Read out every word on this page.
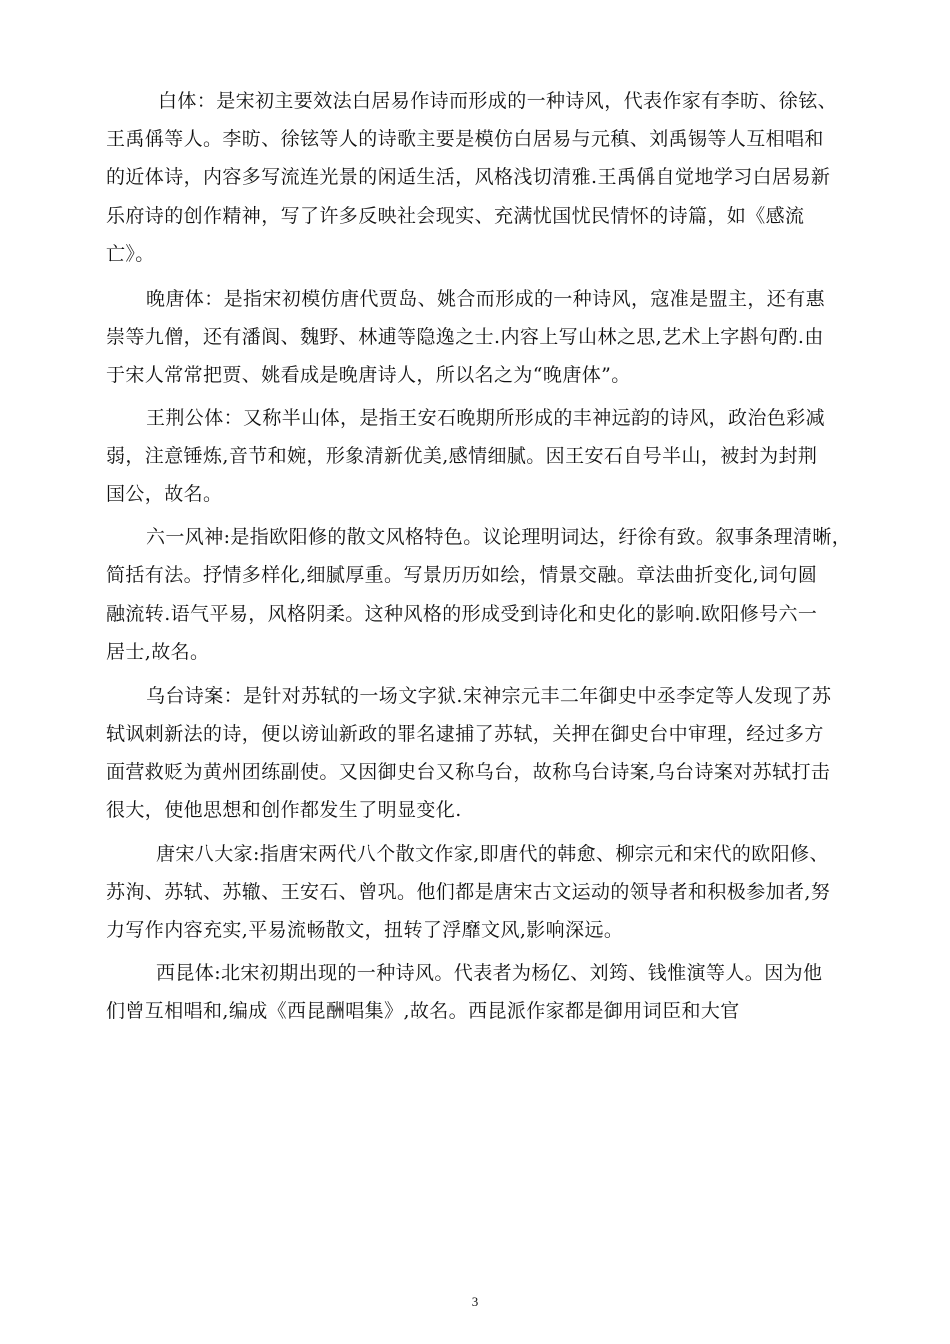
白体：是宋初主要效法白居易作诗而形成的一种诗风，代表作家有李昉、徐铉、
王禹偁等人。李昉、徐铉等人的诗歌主要是模仿白居易与元稹、刘禹锡等人互相唱和
的近体诗，内容多写流连光景的闲适生活，风格浅切清雅.王禹偁自觉地学习白居易新
乐府诗的创作精神，写了许多反映社会现实、充满忧国忧民情怀的诗篇，如《感流
亡》。
晚唐体：是指宋初模仿唐代贾岛、姚合而形成的一种诗风，寇准是盟主，还有惠
崇等九僧，还有潘阆、魏野、林逋等隐逸之士.内容上写山林之思,艺术上字斟句酌.由
于宋人常常把贾、姚看成是晚唐诗人，所以名之为“晚唐体”。
王荆公体：又称半山体，是指王安石晚期所形成的丰神远韵的诗风，政治色彩减
弱，注意锤炼,音节和婉，形象清新优美,感情细腻。因王安石自号半山，被封为封荆
国公，故名。
六一风神:是指欧阳修的散文风格特色。议论理明词达，纡徐有致。叙事条理清晰，
简括有法。抒情多样化,细腻厚重。写景历历如绘，情景交融。章法曲折变化,词句圆
融流转.语气平易，风格阴柔。这种风格的形成受到诗化和史化的影响.欧阳修号六一
居士,故名。
乌台诗案：是针对苏轼的一场文字狱.宋神宗元丰二年御史中丞李定等人发现了苏
轼讽刺新法的诗，便以谤讪新政的罪名逮捕了苏轼，关押在御史台中审理，经过多方
面营救贬为黄州团练副使。又因御史台又称乌台，故称乌台诗案,乌台诗案对苏轼打击
很大，使他思想和创作都发生了明显变化.
唐宋八大家:指唐宋两代八个散文作家,即唐代的韩愈、柳宗元和宋代的欧阳修、
苏洵、苏轼、苏辙、王安石、曾巩。他们都是唐宋古文运动的领导者和积极参加者,努
力写作内容充实,平易流畅散文，扭转了浮靡文风,影响深远。
西昆体:北宋初期出现的一种诗风。代表者为杨亿、刘筠、钱惟演等人。因为他
们曾互相唱和,编成《西昆酬唱集》,故名。西昆派作家都是御用词臣和大官
3
